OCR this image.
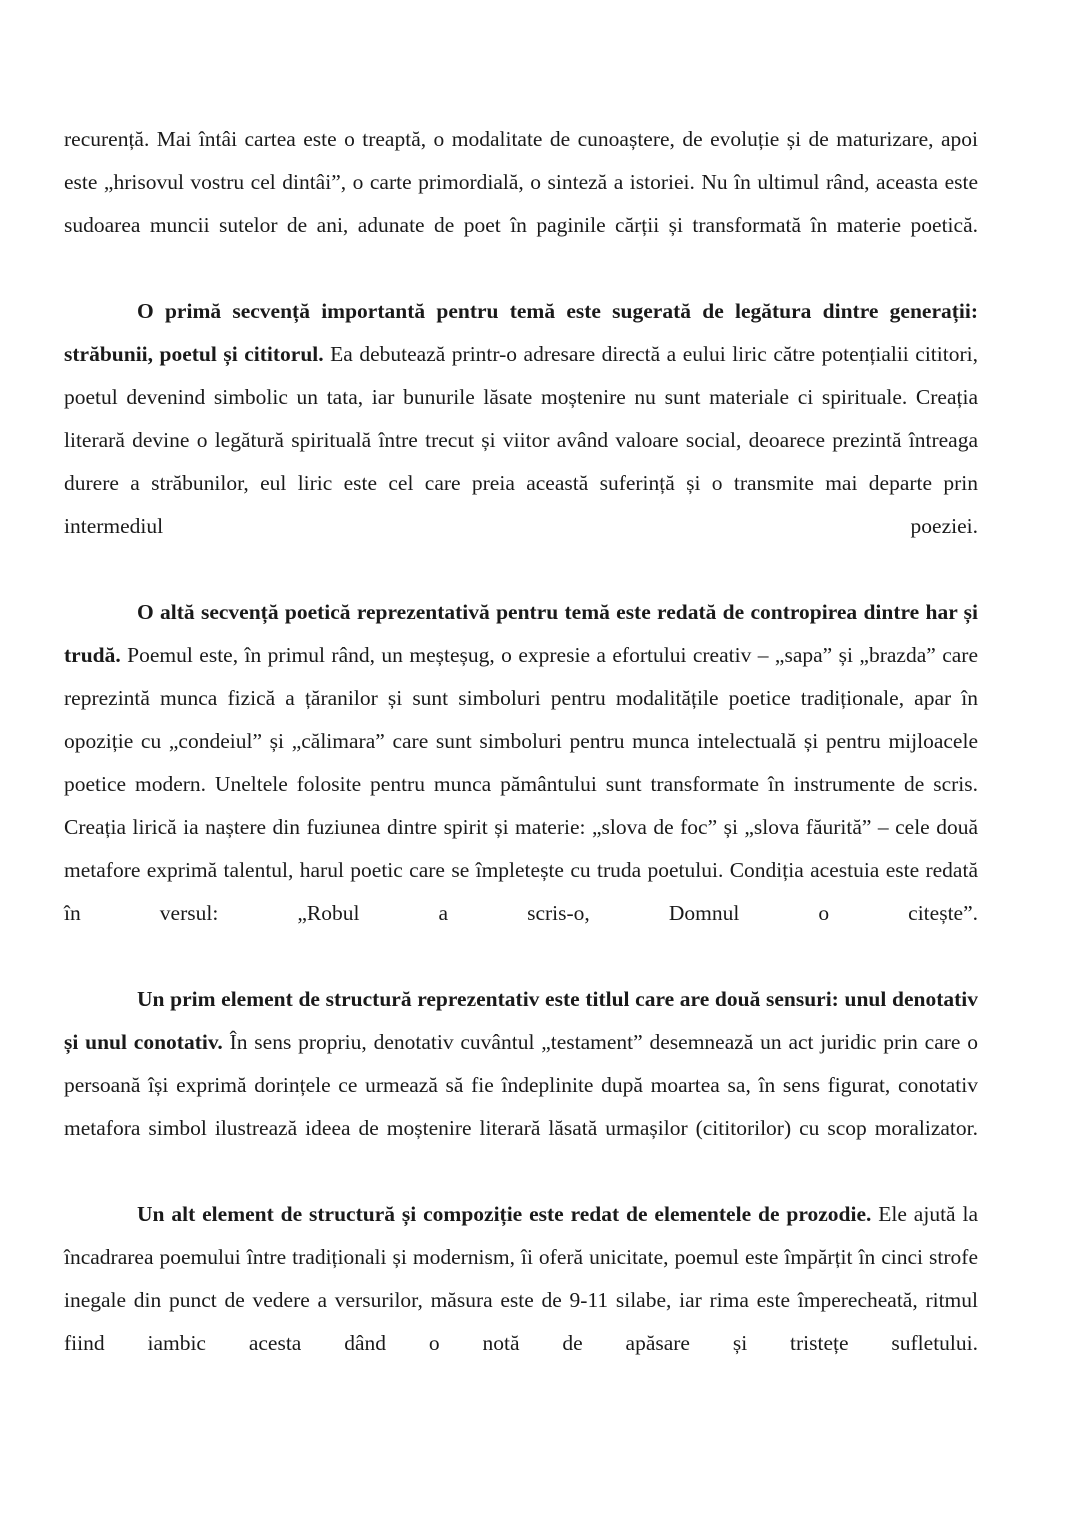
recurență. Mai întâi cartea este o treaptă, o modalitate de cunoaștere, de evoluție și de maturizare, apoi este „hrisovul vostru cel dintâi”, o carte primordială, o sinteză a istoriei. Nu în ultimul rând, aceasta este sudoarea muncii sutelor de ani, adunate de poet în paginile cărții și transformată în materie poetică.

O primă secvență importantă pentru temă este sugerată de legătura dintre generații: străbunii, poetul și cititorul. Ea debutează printr-o adresare directă a eului liric către potențialii cititori, poetul devenind simbolic un tata, iar bunurile lăsate moștenire nu sunt materiale ci spirituale. Creația literară devine o legătură spirituală între trecut și viitor având valoare social, deoarece prezintă întreaga durere a străbunilor, eul liric este cel care preia această suferință și o transmite mai departe prin intermediul poeziei.

O altă secvență poetică reprezentativă pentru temă este redată de contropirea dintre har și trudă. Poemul este, în primul rând, un meșteșug, o expresie a efortului creativ – „sapa” și „brazda” care reprezintă munca fizică a țăranilor și sunt simboluri pentru modalitățile poetice tradiționale, apar în opoziție cu „condeiul” și „călimara” care sunt simboluri pentru munca intelectuală și pentru mijloacele poetice modern. Uneltele folosite pentru munca pământului sunt transformate în instrumente de scris. Creația lirică ia naștere din fuziunea dintre spirit și materie: „slova de foc” și „slova făurită” – cele două metafore exprimă talentul, harul poetic care se împletește cu truda poetului. Condiția acestuia este redată în versul: „Robul a scris-o, Domnul o citește”.

Un prim element de structură reprezentativ este titlul care are două sensuri: unul denotativ și unul conotativ. În sens propriu, denotativ cuvântul „testament” desemnează un act juridic prin care o persoană își exprimă dorințele ce urmează să fie îndeplinite după moartea sa, în sens figurat, conotativ metafora simbol ilustrează ideea de moștenire literară lăsată urmașilor (cititorilor) cu scop moralizator.

Un alt element de structură și compoziție este redat de elementele de prozodie. Ele ajută la încadrarea poemului între tradiționali și modernism, îi oferă unicitate, poemul este împărțit în cinci strofe inegale din punct de vedere a versurilor, măsura este de 9-11 silabe, iar rima este împerecheată, ritmul fiind iambic acesta dând o notă de apăsare și tristețe sufletului.
